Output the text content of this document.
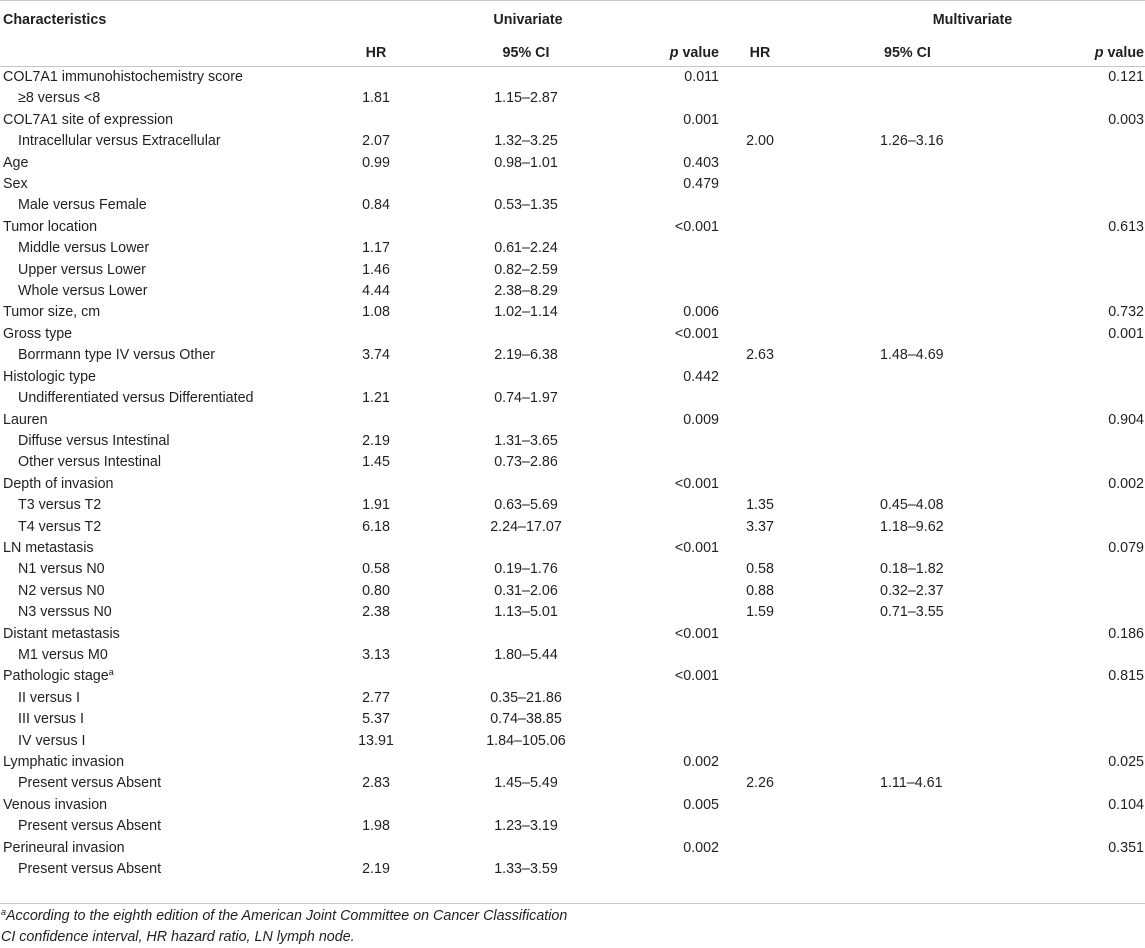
Characteristics	Univariate				Multivariate		
	HR	95% CI	p value	HR		95% CI	p value
COL7A1 immunohistochemistry score			0.011				0.121
≥8 versus <8	1.81	1.15–2.87					
COL7A1 site of expression			0.001				0.003
Intracellular versus Extracellular	2.07	1.32–3.25		2.00		1.26–3.16	
Age	0.99	0.98–1.01	0.403				
Sex			0.479				
Male versus Female	0.84	0.53–1.35					
Tumor location			<0.001				0.613
Middle versus Lower	1.17	0.61–2.24					
Upper versus Lower	1.46	0.82–2.59					
Whole versus Lower	4.44	2.38–8.29					
Tumor size, cm	1.08	1.02–1.14	0.006				0.732
Gross type			<0.001				0.001
Borrmann type IV versus Other	3.74	2.19–6.38		2.63		1.48–4.69	
Histologic type			0.442				
Undifferentiated versus Differentiated	1.21	0.74–1.97					
Lauren			0.009				0.904
Diffuse versus Intestinal	2.19	1.31–3.65					
Other versus Intestinal	1.45	0.73–2.86					
Depth of invasion			<0.001				0.002
T3 versus T2	1.91	0.63–5.69		1.35		0.45–4.08	
T4 versus T2	6.18	2.24–17.07		3.37		1.18–9.62	
LN metastasis			<0.001				0.079
N1 versus N0	0.58	0.19–1.76		0.58		0.18–1.82	
N2 versus N0	0.80	0.31–2.06		0.88		0.32–2.37	
N3 verssus N0	2.38	1.13–5.01		1.59		0.71–3.55	
Distant metastasis			<0.001				0.186
M1 versus M0	3.13	1.80–5.44					
Pathologic stage$^a$			<0.001				0.815
II versus I	2.77	0.35–21.86					
III versus I	5.37	0.74–38.85					
IV versus I	13.91	1.84–105.06					
Lymphatic invasion			0.002				0.025
Present versus Absent	2.83	1.45–5.49		2.26		1.11–4.61	
Venous invasion			0.005				0.104
Present versus Absent	1.98	1.23–3.19					
Perineural invasion			0.002				0.351
Present versus Absent	2.19	1.33–3.59					
$^a$According to the eighth edition of the American Joint Committee on Cancer Classification
CI confidence interval, HR hazard ratio, LN lymph node.
